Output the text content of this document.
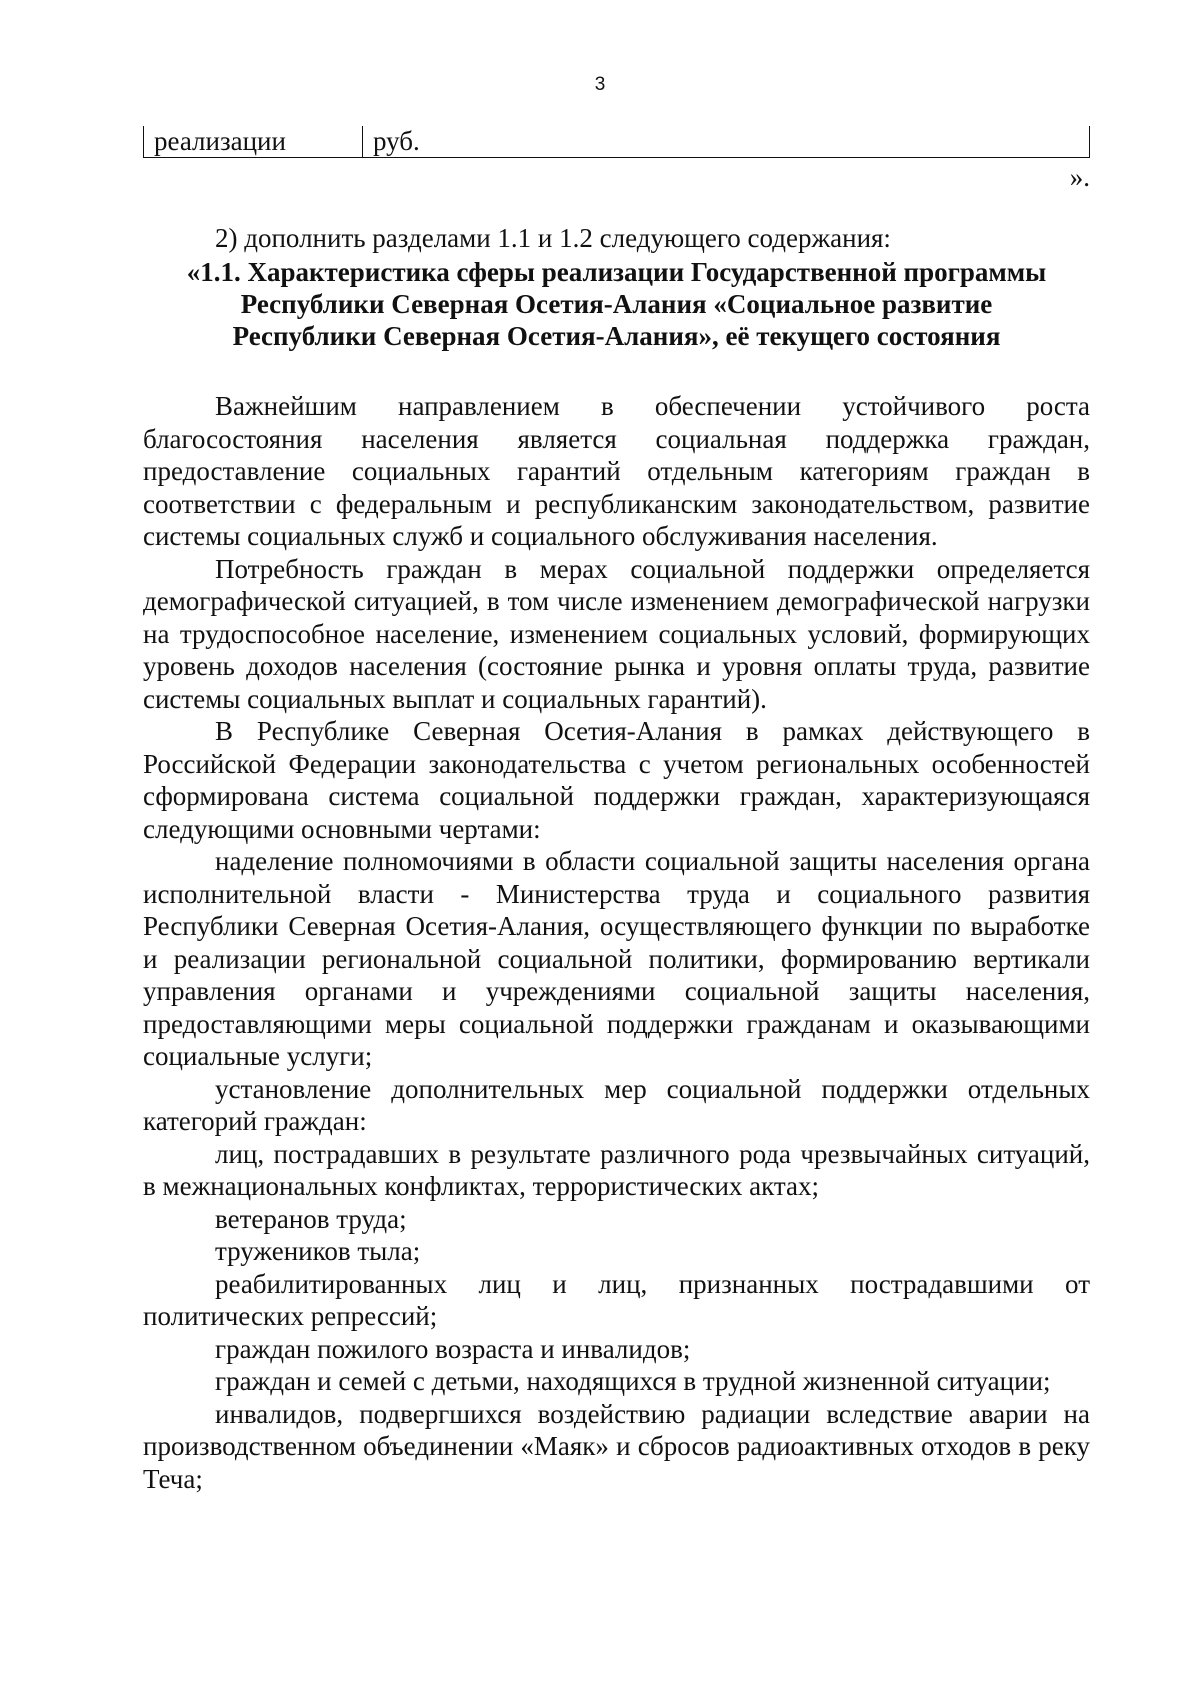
3
реализации	руб.
».

2) дополнить разделами 1.1 и 1.2 следующего содержания:

«1.1. Характеристика сферы реализации Государственной программы
Республики Северная Осетия-Алания «Социальное развитие
Республики Северная Осетия-Алания», её текущего состояния

Важнейшим направлением в обеспечении устойчивого роста благосостояния населения является социальная поддержка граждан, предоставление социальных гарантий отдельным категориям граждан в соответствии с федеральным и республиканским законодательством, развитие системы социальных служб и социального обслуживания населения.

Потребность граждан в мерах социальной поддержки определяется демографической ситуацией, в том числе изменением демографической нагрузки на трудоспособное население, изменением социальных условий, формирующих уровень доходов населения (состояние рынка и уровня оплаты труда, развитие системы социальных выплат и социальных гарантий).

В Республике Северная Осетия-Алания в рамках действующего в Российской Федерации законодательства с учетом региональных особенностей сформирована система социальной поддержки граждан, характеризующаяся следующими основными чертами:

наделение полномочиями в области социальной защиты населения органа исполнительной власти - Министерства труда и социального развития Республики Северная Осетия-Алания, осуществляющего функции по выработке и реализации региональной социальной политики, формированию вертикали управления органами и учреждениями социальной защиты населения, предоставляющими меры социальной поддержки гражданам и оказывающими социальные услуги;

установление дополнительных мер социальной поддержки отдельных категорий граждан:

лиц, пострадавших в результате различного рода чрезвычайных ситуаций, в межнациональных конфликтах, террористических актах;

ветеранов труда;

тружеников тыла;

реабилитированных лиц и лиц, признанных пострадавшими от политических репрессий;

граждан пожилого возраста и инвалидов;

граждан и семей с детьми, находящихся в трудной жизненной ситуации;

инвалидов, подвергшихся воздействию радиации вследствие аварии на производственном объединении «Маяк» и сбросов радиоактивных отходов в реку Теча;
